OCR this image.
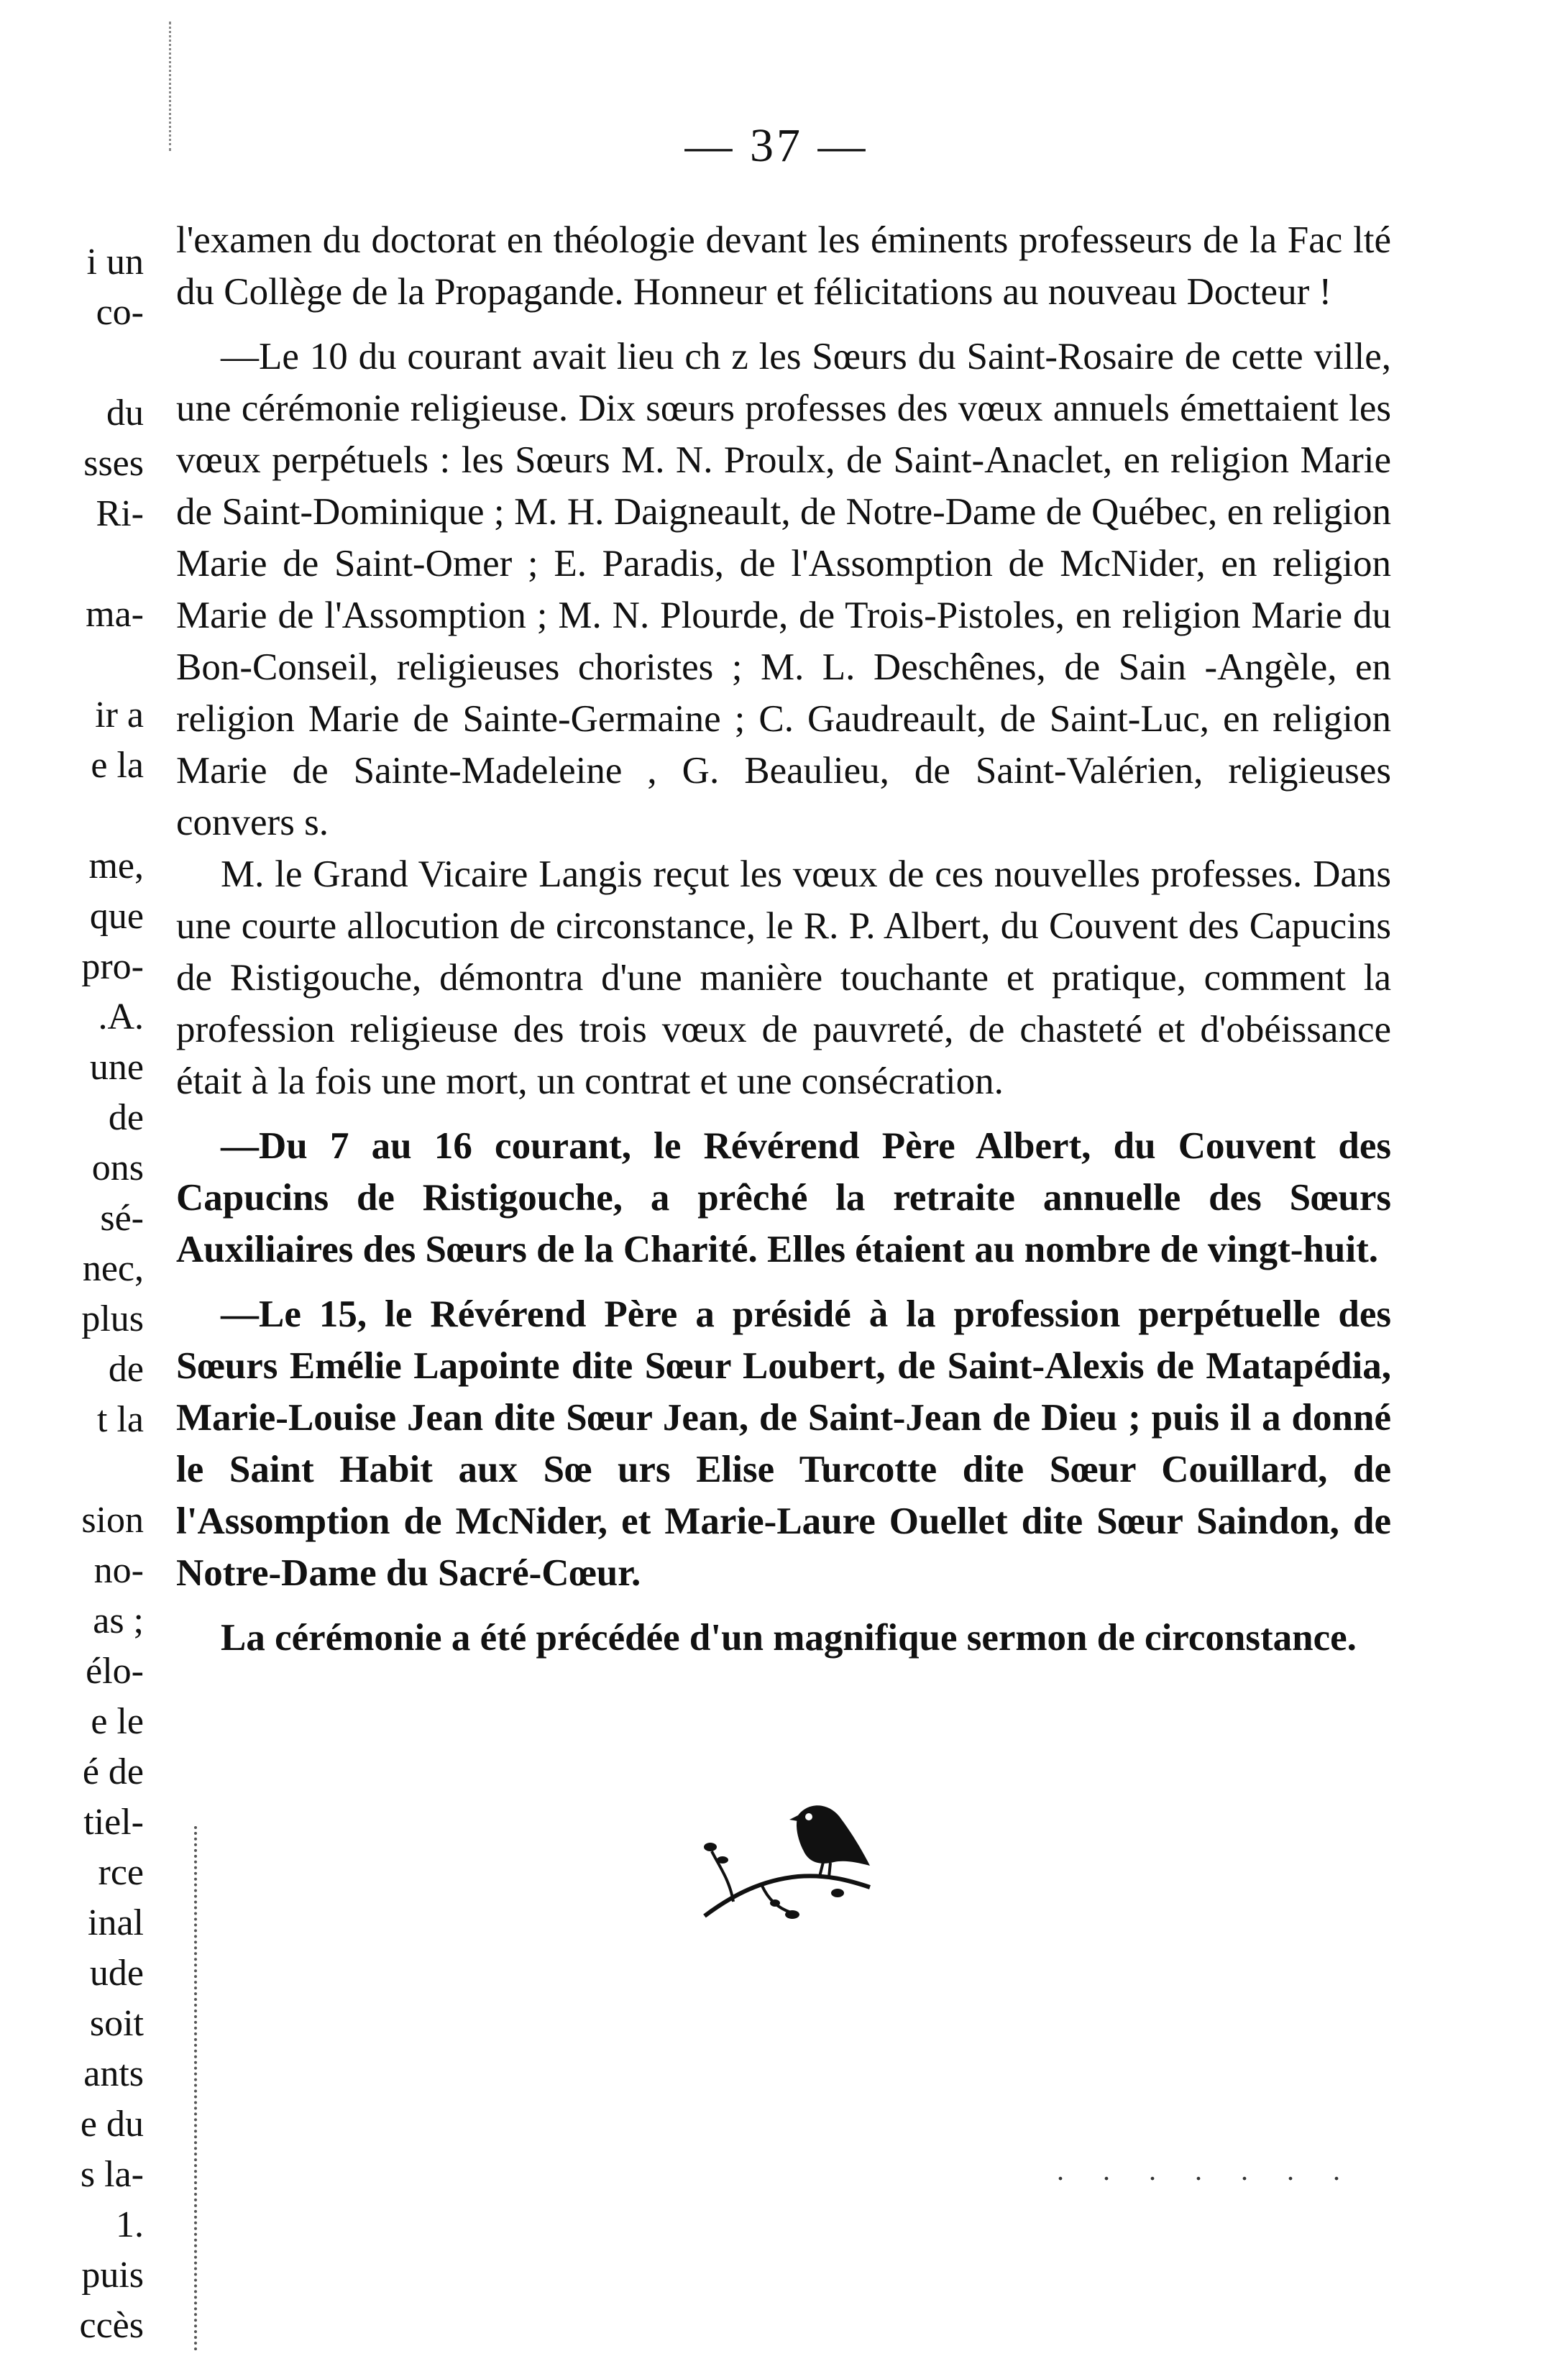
i un
co-
du
sses
Ri-
ma-
ir a
e la
me,
que
pro-
.A.
une
de
ons
sé-
nec,
plus
de
t la
sion
no-
as ;
élo-
e le
é de
tiel-
rce
inal
ude
soit
ants
e du
s la-
1.
puis
ccès
— 37 —

l'examen du doctorat en théologie devant les éminents professeurs de la Fac lté du Collège de la Propagande. Honneur et félicitations au nouveau Docteur !

—Le 10 du courant avait lieu ch z les Sœurs du Saint-Rosaire de cette ville, une cérémonie religieuse. Dix sœurs professes des vœux annuels émettaient les vœux perpétuels : les Sœurs M. N. Proulx, de Saint-Anaclet, en religion Marie de Saint-Dominique ; M. H. Daigneault, de Notre-Dame de Québec, en religion Marie de Saint-Omer ; E. Paradis, de l'Assomption de McNider, en religion Marie de l'Assomption ; M. N. Plourde, de Trois-Pistoles, en religion Marie du Bon-Conseil, religieuses choristes ; M. L. Deschênes, de Sain -Angèle, en religion Marie de Sainte-Germaine ; C. Gaudreault, de Saint-Luc, en religion Marie de Sainte-Madeleine , G. Beaulieu, de Saint-Valérien, religieuses convers s.

M. le Grand Vicaire Langis reçut les vœux de ces nouvelles professes. Dans une courte allocution de circonstance, le R. P. Albert, du Couvent des Capucins de Ristigouche, démontra d'une manière touchante et pratique, comment la profession religieuse des trois vœux de pauvreté, de chasteté et d'obéissance était à la fois une mort, un contrat et une consécration.

—Du 7 au 16 courant, le Révérend Père Albert, du Couvent des Capucins de Ristigouche, a prêché la retraite annuelle des Sœurs Auxiliaires des Sœurs de la Charité. Elles étaient au nombre de vingt-huit.

—Le 15, le Révérend Père a présidé à la profession perpétuelle des Sœurs Emélie Lapointe dite Sœur Loubert, de Saint-Alexis de Matapédia, Marie-Louise Jean dite Sœur Jean, de Saint-Jean de Dieu ; puis il a donné le Saint Habit aux Sœ urs Elise Turcotte dite Sœur Couillard, de l'Assomption de McNider, et Marie-Laure Ouellet dite Sœur Saindon, de Notre-Dame du Sacré-Cœur.

La cérémonie a été précédée d'un magnifique sermon de circonstance.

. . . . . . .
